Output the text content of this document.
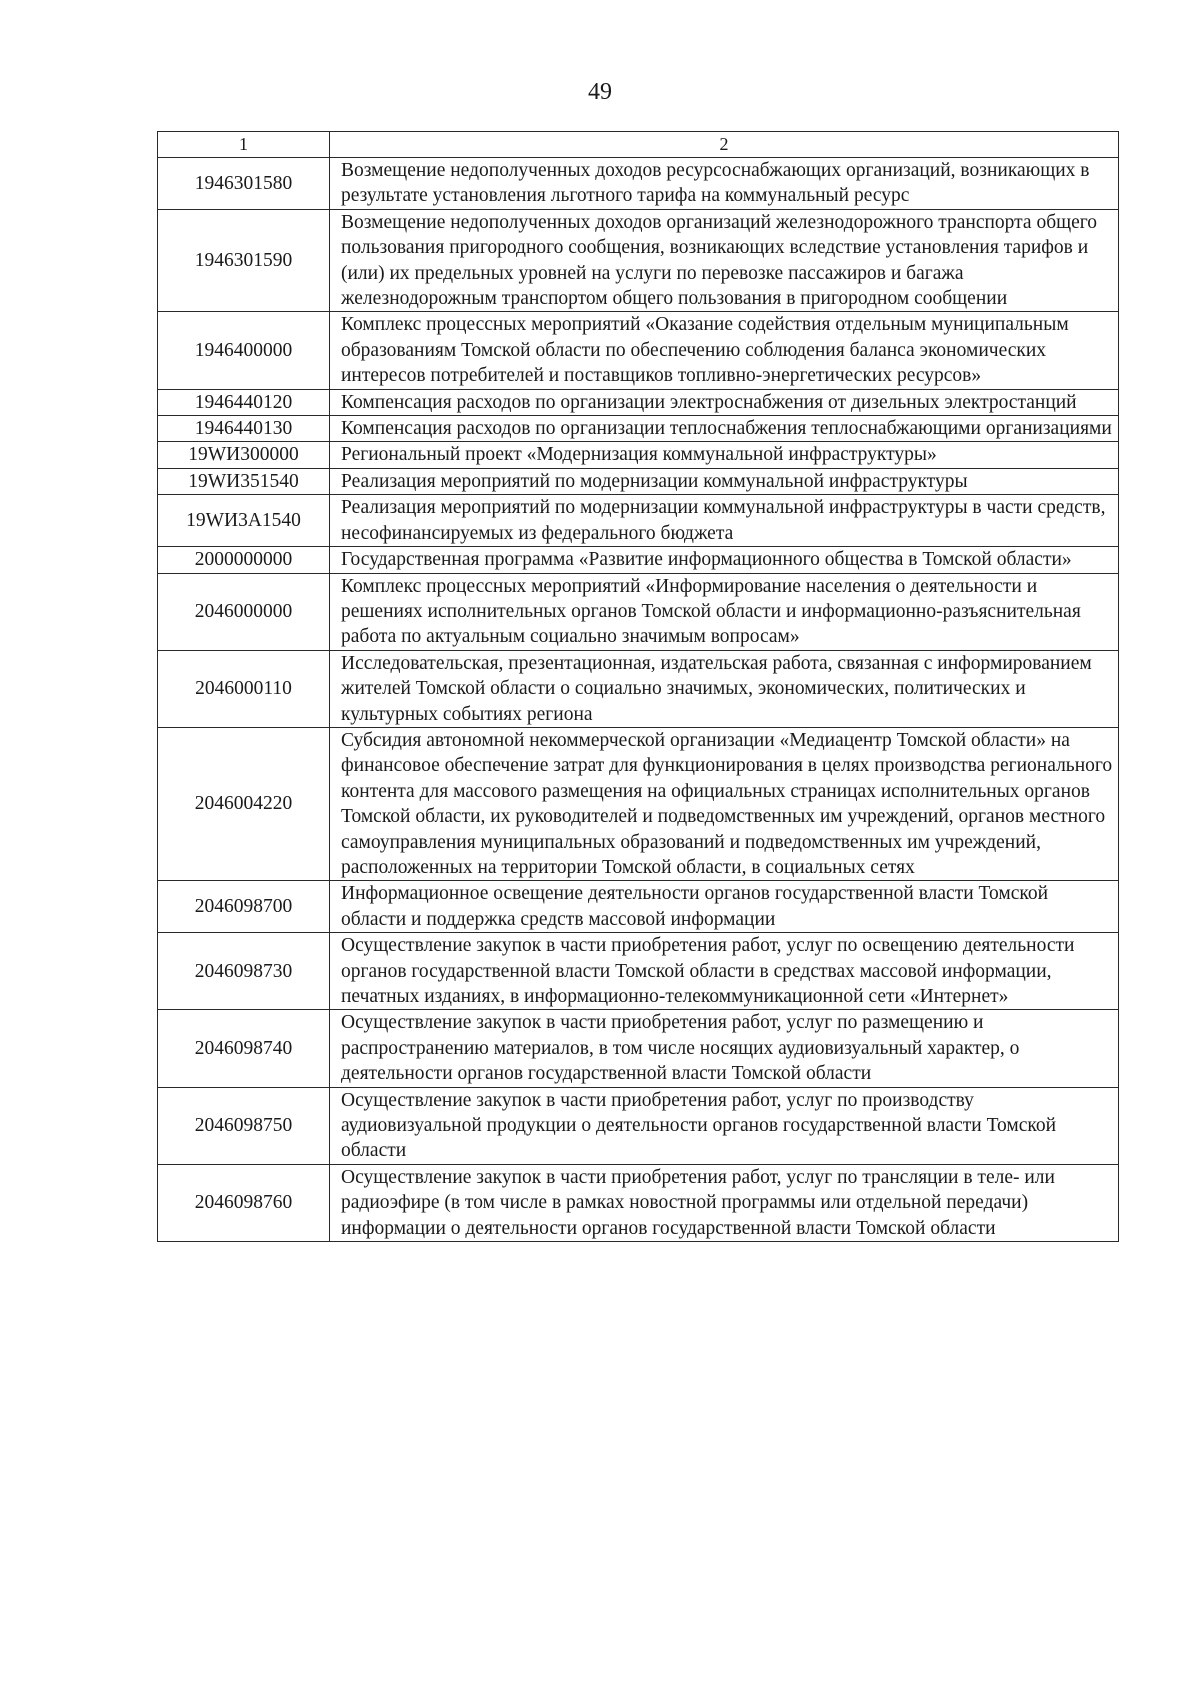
49
1	2
1946301580	Возмещение недополученных доходов ресурсоснабжающих организаций, возникающих в результате установления льготного тарифа на коммунальный ресурс
1946301590	Возмещение недополученных доходов организаций железнодорожного транспорта общего пользования пригородного сообщения, возникающих вследствие установления тарифов и (или) их предельных уровней на услуги по перевозке пассажиров и багажа железнодорожным транспортом общего пользования в пригородном сообщении
1946400000	Комплекс процессных мероприятий «Оказание содействия отдельным муниципальным образованиям Томской области по обеспечению соблюдения баланса экономических интересов потребителей и поставщиков топливно-энергетических ресурсов»
1946440120	Компенсация расходов по организации электроснабжения от дизельных электростанций
1946440130	Компенсация расходов по организации теплоснабжения теплоснабжающими организациями
19WИ300000	Региональный проект «Модернизация коммунальной инфраструктуры»
19WИ351540	Реализация мероприятий по модернизации коммунальной инфраструктуры
19WИ3А1540	Реализация мероприятий по модернизации коммунальной инфраструктуры в части средств, несофинансируемых из федерального бюджета
2000000000	Государственная программа «Развитие информационного общества в Томской области»
2046000000	Комплекс процессных мероприятий «Информирование населения о деятельности и решениях исполнительных органов Томской области и информационно-разъяснительная работа по актуальным социально значимым вопросам»
2046000110	Исследовательская, презентационная, издательская работа, связанная с информированием жителей Томской области о социально значимых, экономических, политических и культурных событиях региона
2046004220	Субсидия автономной некоммерческой организации «Медиацентр Томской области» на финансовое обеспечение затрат для функционирования в целях производства регионального контента для массового размещения на официальных страницах исполнительных органов Томской области, их руководителей и подведомственных им учреждений, органов местного самоуправления муниципальных образований и подведомственных им учреждений, расположенных на территории Томской области, в социальных сетях
2046098700	Информационное освещение деятельности органов государственной власти Томской области и поддержка средств массовой информации
2046098730	Осуществление закупок в части приобретения работ, услуг по освещению деятельности органов государственной власти Томской области в средствах массовой информации, печатных изданиях, в информационно-телекоммуникационной сети «Интернет»
2046098740	Осуществление закупок в части приобретения работ, услуг по размещению и распространению материалов, в том числе носящих аудиовизуальный характер, о деятельности органов государственной власти Томской области
2046098750	Осуществление закупок в части приобретения работ, услуг по производству аудиовизуальной продукции о деятельности органов государственной власти Томской области
2046098760	Осуществление закупок в части приобретения работ, услуг по трансляции в теле- или радиоэфире (в том числе в рамках новостной программы или отдельной передачи) информации о деятельности органов государственной власти Томской области
